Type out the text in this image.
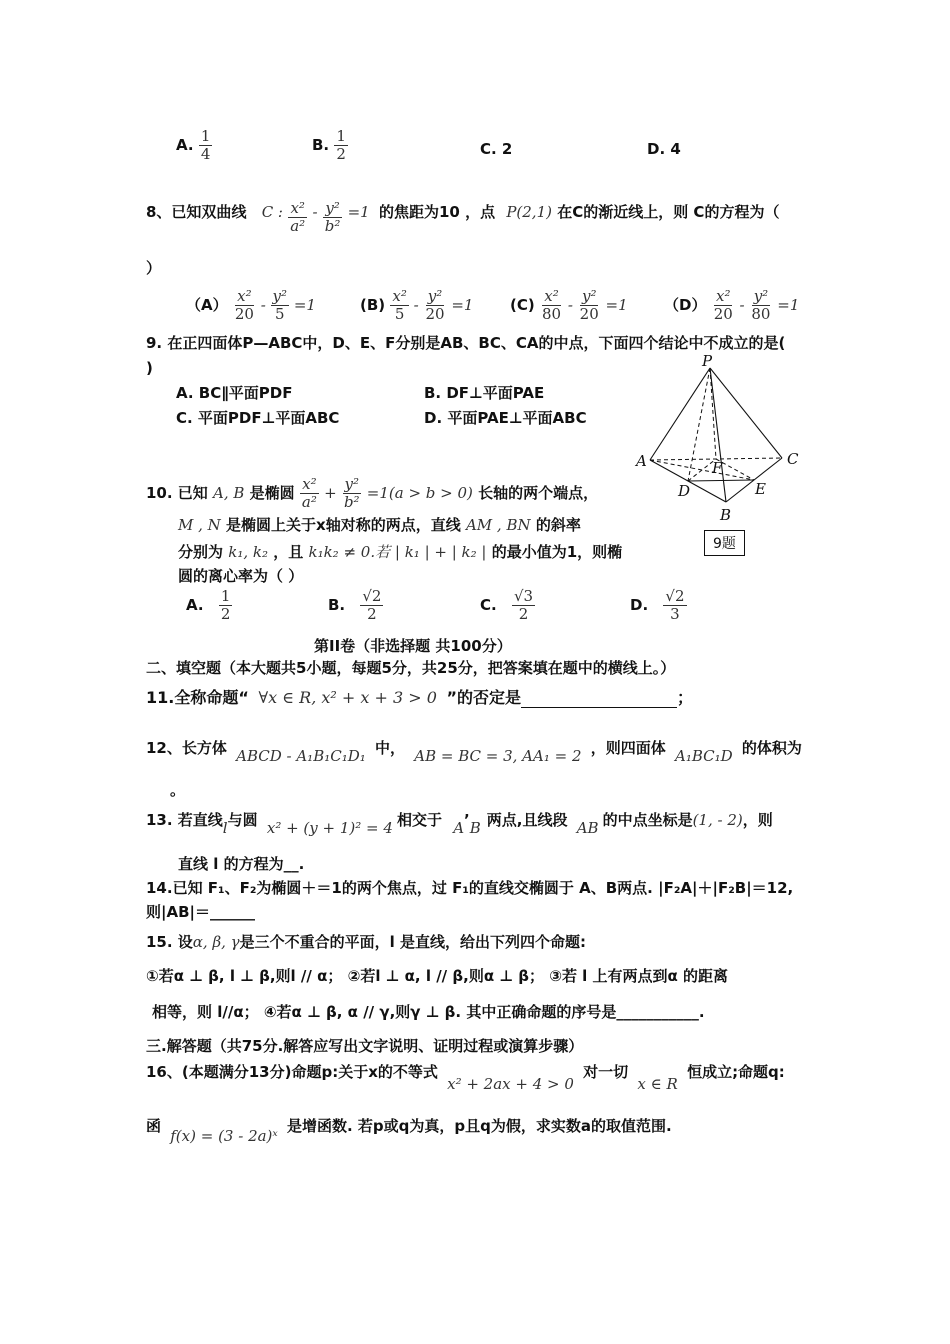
A. $\frac{1}{4}$	B. $\frac{1}{2}$	C. 2	D. 4
8、已知双曲线 C : $\frac{\text{x²}}{\text{a²}} - \frac{\text{y²}}{\text{b²}} =1$ 的焦距为10 ，点 P(2,1) 在C的渐近线上，则 C的方程为（
）
$(A) \frac{\text{x²}}{20} - \frac{\text{y²}}{5} =1$	$(B) \frac{\text{x²}}{5} - \frac{\text{y²}}{20} =1$ $(C) \frac{\text{x²}}{80} - \frac{\text{y²}}{20} =1$ $(D) \frac{\text{x²}}{20} - \frac{\text{y²}}{80} =1$
9. 在正四面体P—ABC中，D、E、F分别是AB、BC、CA的中点，下面四个结论中不成立的是(
)
A. BC∥平面PDF	B. DF⊥平面PAE
C. 平面PDF⊥平面ABC	D. 平面PAE⊥平面ABC
P
A
B
C
D	E
F
9题
10. 已知 A, B 是椭圆 $\frac{\text{x²}}{\text{a²}} + \frac{\text{y²}}{\text{b²}} =1(a > b > 0)$ 长轴的两个端点，
M , N 是椭圆上关于x轴对称的两点，直线 AM , BN 的斜率
分别为 k₁, k₂ ，且 k₁k₂ ≠ 0.若 | k₁ | + | k₂ | 的最小值为1，则椭
圆的离心率为（ ）
A. $\frac{1}{2}$	B. $\frac{√2}{2}$	C. $\frac{√3}{2}$	D. $\frac{√2}{3}$
第II卷（非选择题 共100分）
二、填空题（本大题共5小题，每题5分，共25分，把答案填在题中的横线上。）
11.全称命题“ ∀x ∈ R, x² + x + 3 > 0 ”的否定是	；
12、长方体 ABCD - A₁B₁C₁D₁ 中， AB = BC = 3, AA₁ = 2 ，则四面体 A₁BC₁D 的体积为
。
13. 若直线l与圆 x² + (y + 1)² = 4 相交于 A’B 两点,且线段 AB 的中点坐标是(1, - 2)，则
直线 l 的方程为__.
14.已知 F₁、F₂为椭圆＋＝1的两个焦点，过 F₁的直线交椭圆于 A、B两点. |F₂A|＋|F₂B|＝12,
则|AB|＝______
15. 设α, β, γ是三个不重合的平面，l 是直线，给出下列四个命题:
①若α ⊥ β, l ⊥ β,则l // α； ②若l ⊥ α, l // β,则α ⊥ β； ③若 l 上有两点到α 的距离
相等，则 l//α； ④若α ⊥ β, α // γ,则γ ⊥ β. 其中正确命题的序号是___________.
三.解答题（共75分.解答应写出文字说明、证明过程或演算步骤）
16、(本题满分13分)命题p:关于x的不等式 x² + 2ax + 4 > 0 对一切 x ∈ R 恒成立;命题q:
函 f(x) = (3 - 2a)ˣ 是增函数. 若p或q为真，p且q为假，求实数a的取值范围.
